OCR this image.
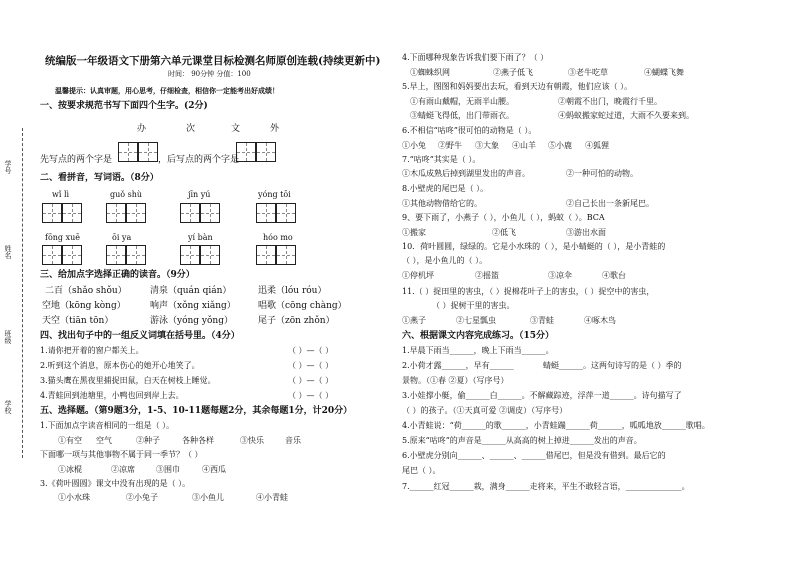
学号
姓名
班级
学校
统编版一年级语文下册第六单元课堂目标检测名师原创连载(持续更新中)
时间： 90分钟 分值：100
温馨提示：认真审题，用心思考，仔细检查，相信你一定能考出好成绩！
一、按要求规范书写下面四个生字。(2分)
办	次	文	外
先写点的两个字是	，后写点的两个字是
二、看拼音，写词语。（8分）
wǐ lì	guǒ shù	jīn yú	yóng tōi
fōng xuē	ōi ya	yí bàn	hóo mo
三、给加点字选择正确的读音。（9分）
二百（shǎo shǒu）	清泉（quán qián）	迅柔（lóu róu）
空地（kōng kòng）	响声（xǒng xiǎng） 唱歌（cōng chàng）
天空（tiān tōn）	游泳（yóng yǒng）	尾子（zōn zhǒn）
四、找出句子中的一组反义词填在括号里。（4分）
1.请你把开着的窗户都关上。	（ ）—（ ）
2.听到这个消息，原本伤心的她开心地笑了。	（ ）—（ ）
3.猫头鹰在黑夜里捕捉田鼠，白天在树枝上睡觉。	（ ）—（ ）
4.青蛙回到池塘里，小鸭也回到岸上去。	（ ）—（ ）
五、选择题。（第9题3分，1-5、10-11题每题2分，其余每题1分，计20分）
1.下面加点字读音相同的一组是（ ）。
①有空 空气	②种子	各种各样	③快乐	音乐
下面哪一项与其他事物不属于同一季节？（ ）
①冰棍	②凉席	③围巾	④西瓜
3.《荷叶圆圆》课文中没有出现的是（ ）。
①小水珠	②小兔子	③小鱼儿	④小青蛙
4.下面哪种现象告诉我们要下雨了？（ ）
①蜘蛛织网	②燕子低飞	③老牛吃草	④蝴蝶飞舞
5.早上，图图和妈妈要出去玩，看到天边有朝霞，他们应该（ ）。
①有雨山戴帽，无雨半山腰。	②朝霞不出门，晚霞行千里。
③蜻蜓飞得低，出门带雨衣。	④蚂蚁搬家蛇过道，大雨不久要来到。
6.不相信“咕咚”很可怕的动物是（ ）。
①小兔 ②野牛 ③大象 ④山羊 ⑤小鹿 ④狐狸
7.“咕咚”其实是（ ）。
①木瓜成熟后掉到湖里发出的声音。	②一种可怕的动物。
8.小壁虎的尾巴是（ ）。
①其他动物借给它的。	②自己长出一条新尾巴。
9、要下雨了，小燕子（ ），小鱼儿（ ），蚂蚁（ ）。BCA
①搬家	②低飞	③游出水面
10．荷叶圆圆，绿绿的。它是小水珠的（ ），是小蜻蜓的（ ），是小青蛙的
（ ），是小鱼儿的（ ）。
①停机坪	②摇篮	③凉伞	④歌台
11.（ ）捉田里的害虫，（ ）捉棉花叶子上的害虫，（ ）捉空中的害虫，
（ ）捉树干里的害虫。
①燕子	②七星瓢虫	③青蛙	④啄木鸟
六、根据课文内容完成练习。（15分）
1.早晨下雨当______，晚上下雨当______。
2.小荷才露______，早有______	蜻蜓______。这两句诗写的是（ ）季的
景物。（①春 ②夏）（写序号）
3.小娃撑小艇，偷______白______。不解藏踪迹，浮萍一道______。诗句描写了
（ ）的孩子。（①天真可爱 ②调皮）（写序号）
4.小青蛙说：“荷______的歌______，小青蛙蹦______荷______，呱呱地放______歌唱。
5.原来“咕咚”的声音是______从高高的树上掉进______发出的声音。
6.小壁虎分别向______、______、______借尾巴，但是没有借到。最后它的
尾巴（ ）。
7.______红冠______栽，满身______走将来，平生不敢轻言语，______________。
